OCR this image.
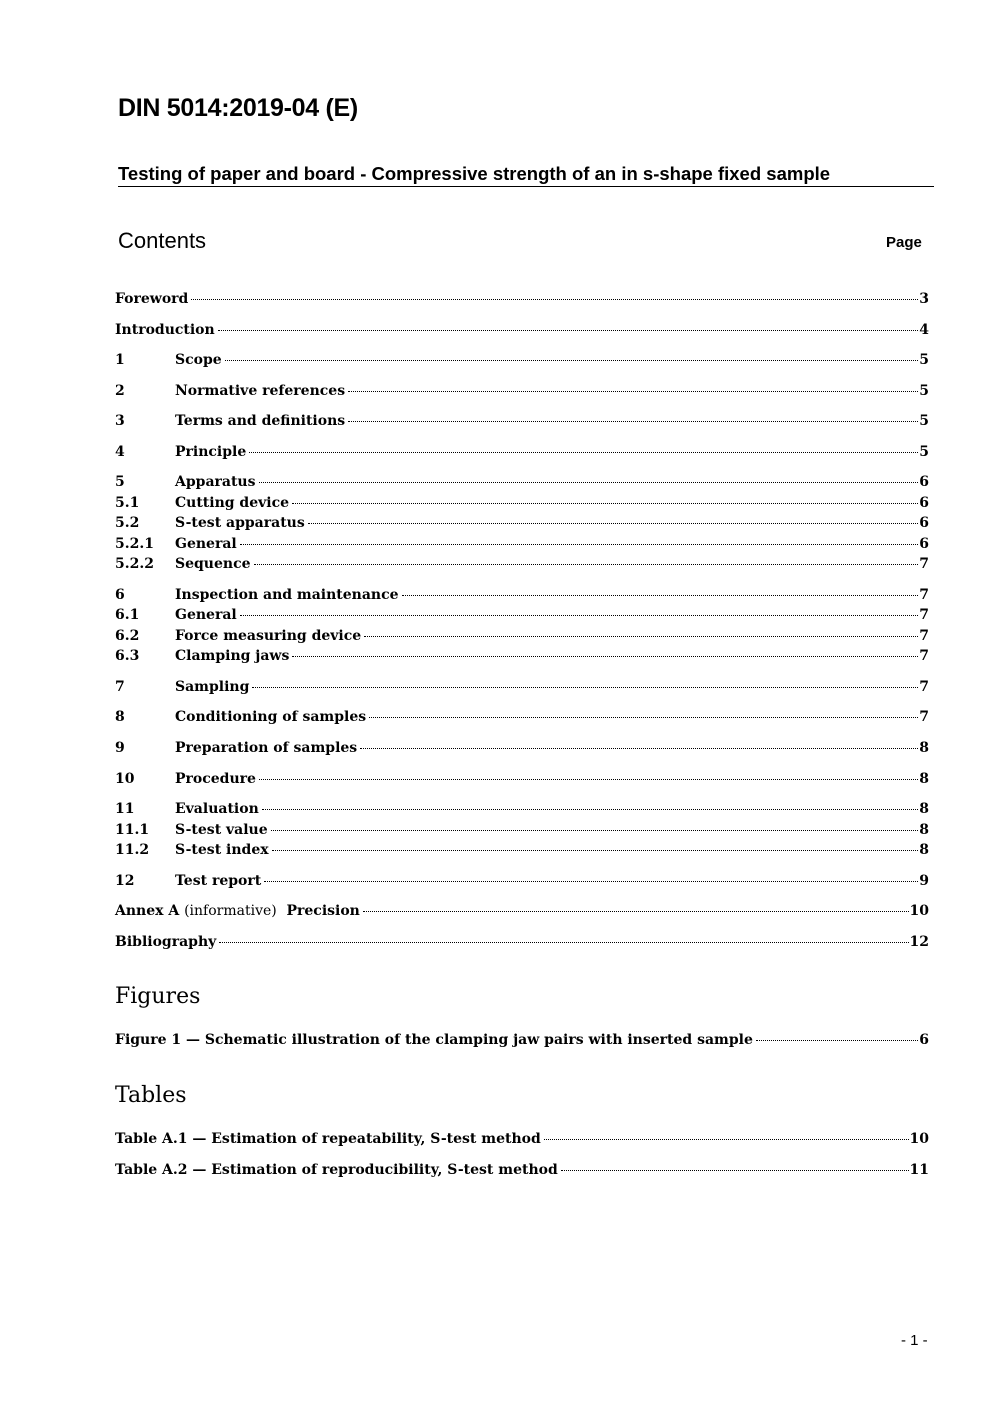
DIN 5014:2019-04 (E)
Testing of paper and board - Compressive strength of an in s-shape fixed sample
Contents	Page
Foreword	3
Introduction	4
1	Scope	5
2	Normative references	5
3	Terms and definitions	5
4	Principle	5
5	Apparatus	6
5.1	Cutting device	6
5.2	S-test apparatus	6
5.2.1	General	6
5.2.2	Sequence	7
6	Inspection and maintenance	7
6.1	General	7
6.2	Force measuring device	7
6.3	Clamping jaws	7
7	Sampling	7
8	Conditioning of samples	7
9	Preparation of samples	8
10	Procedure	8
11	Evaluation	8
11.1	S-test value	8
11.2	S-test index	8
12	Test report	9
Annex A (informative) Precision	10
Bibliography	12
Figures
Figure 1 — Schematic illustration of the clamping jaw pairs with inserted sample	6
Tables
Table A.1 — Estimation of repeatability, S-test method	10
Table A.2 — Estimation of reproducibility, S-test method	11
- 1 -
